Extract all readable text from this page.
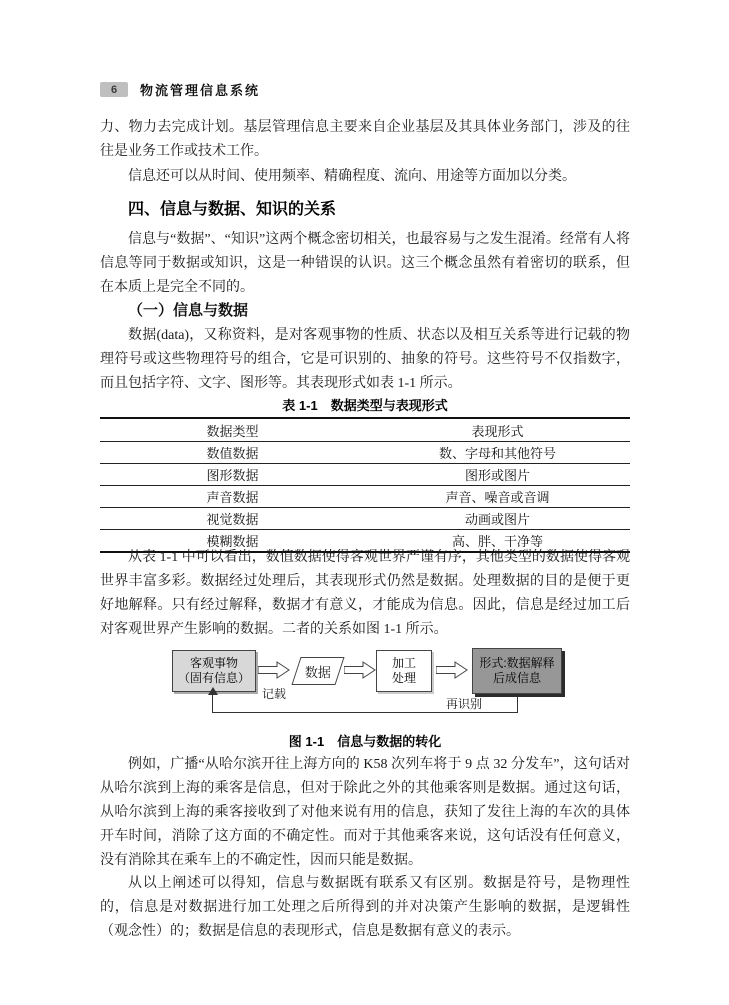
6	物流管理信息系统

力、物力去完成计划。基层管理信息主要来自企业基层及其具体业务部门，涉及的往往是业务工作或技术工作。

信息还可以从时间、使用频率、精确程度、流向、用途等方面加以分类。

四、信息与数据、知识的关系

信息与“数据”、“知识”这两个概念密切相关，也最容易与之发生混淆。经常有人将信息等同于数据或知识，这是一种错误的认识。这三个概念虽然有着密切的联系，但在本质上是完全不同的。

（一）信息与数据

数据(data)，又称资料，是对客观事物的性质、状态以及相互关系等进行记载的物理符号或这些物理符号的组合，它是可识别的、抽象的符号。这些符号不仅指数字，而且包括字符、文字、图形等。其表现形式如表 1-1 所示。

表 1-1　数据类型与表现形式
数据类型	表现形式
数值数据	数、字母和其他符号
图形数据	图形或图片
声音数据	声音、噪音或音调
视觉数据	动画或图片
模糊数据	高、胖、干净等

从表 1-1 中可以看出，数值数据使得客观世界严谨有序，其他类型的数据使得客观世界丰富多彩。数据经过处理后，其表现形式仍然是数据。处理数据的目的是便于更好地解释。只有经过解释，数据才有意义，才能成为信息。因此，信息是经过加工后对客观世界产生影响的数据。二者的关系如图 1-1 所示。

客观事物
（固有信息）
记载
数据
加工
处理
形式:数据解释后成信息
再识别
图 1-1　信息与数据的转化

例如，广播“从哈尔滨开往上海方向的 K58 次列车将于 9 点 32 分发车”，这句话对从哈尔滨到上海的乘客是信息，但对于除此之外的其他乘客则是数据。通过这句话，从哈尔滨到上海的乘客接收到了对他来说有用的信息，获知了发往上海的车次的具体开车时间，消除了这方面的不确定性。而对于其他乘客来说，这句话没有任何意义，没有消除其在乘车上的不确定性，因而只能是数据。

从以上阐述可以得知，信息与数据既有联系又有区别。数据是符号，是物理性的，信息是对数据进行加工处理之后所得到的并对决策产生影响的数据，是逻辑性（观念性）的；数据是信息的表现形式，信息是数据有意义的表示。
